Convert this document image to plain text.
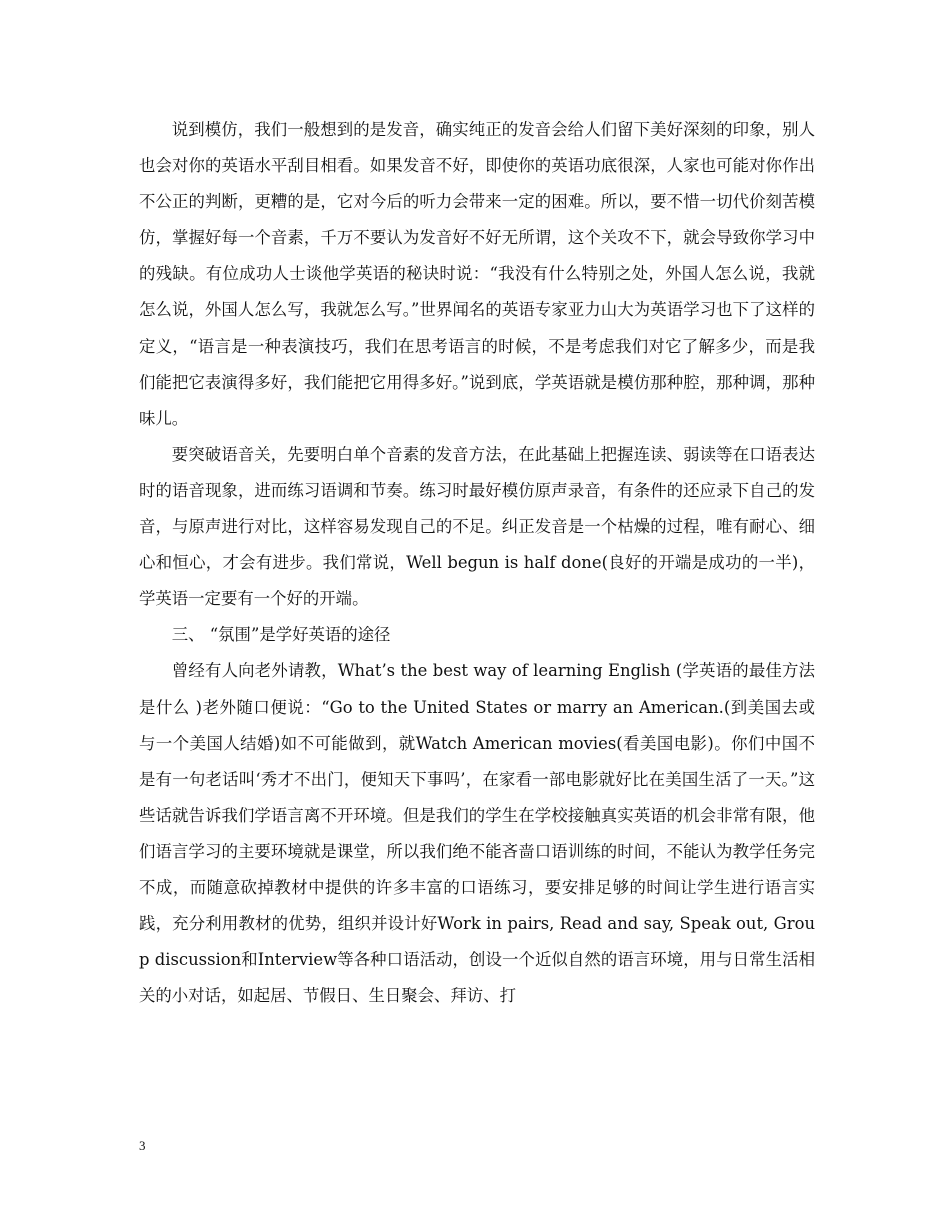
说到模仿，我们一般想到的是发音，确实纯正的发音会给人们留下美好深刻的印象，别人也会对你的英语水平刮目相看。如果发音不好，即使你的英语功底很深，人家也可能对你作出不公正的判断，更糟的是，它对今后的听力会带来一定的困难。所以，要不惜一切代价刻苦模仿，掌握好每一个音素，千万不要认为发音好不好无所谓，这个关攻不下，就会导致你学习中的残缺。有位成功人士谈他学英语的秘诀时说：“我没有什么特别之处，外国人怎么说，我就怎么说，外国人怎么写，我就怎么写。”世界闻名的英语专家亚力山大为英语学习也下了这样的定义，“语言是一种表演技巧，我们在思考语言的时候，不是考虑我们对它了解多少，而是我们能把它表演得多好，我们能把它用得多好。”说到底，学英语就是模仿那种腔，那种调，那种味儿。

要突破语音关，先要明白单个音素的发音方法，在此基础上把握连读、弱读等在口语表达时的语音现象，进而练习语调和节奏。练习时最好模仿原声录音，有条件的还应录下自己的发音，与原声进行对比，这样容易发现自己的不足。纠正发音是一个枯燥的过程，唯有耐心、细心和恒心，才会有进步。我们常说，Well begun is half done(良好的开端是成功的一半)，学英语一定要有一个好的开端。

三、 “氛围”是学好英语的途径

曾经有人向老外请教，What’s the best way of learning English (学英语的最佳方法是什么 )老外随口便说：“Go to the United States or marry an American.(到美国去或与一个美国人结婚)如不可能做到，就Watch American movies(看美国电影)。你们中国不是有一句老话叫‘秀才不出门，便知天下事吗’，在家看一部电影就好比在美国生活了一天。”这些话就告诉我们学语言离不开环境。但是我们的学生在学校接触真实英语的机会非常有限，他们语言学习的主要环境就是课堂，所以我们绝不能吝啬口语训练的时间，不能认为教学任务完不成，而随意砍掉教材中提供的许多丰富的口语练习，要安排足够的时间让学生进行语言实践，充分利用教材的优势，组织并设计好Work in pairs, Read and say, Speak out, Group discussion和Interview等各种口语活动，创设一个近似自然的语言环境，用与日常生活相关的小对话，如起居、节假日、生日聚会、拜访、打

3
